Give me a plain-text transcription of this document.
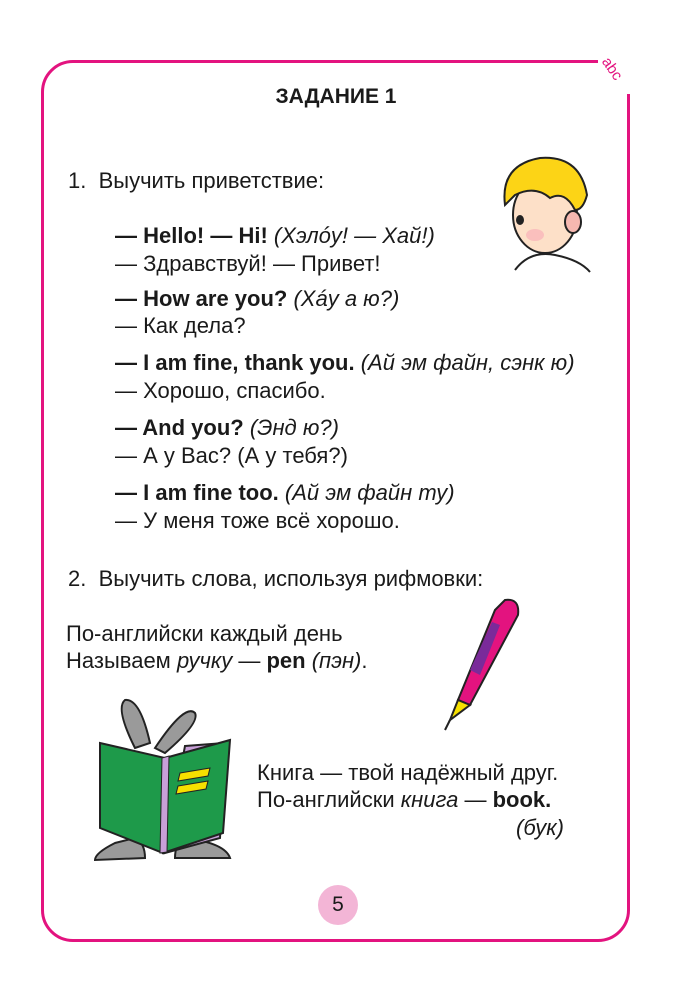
abc
ЗАДАНИЕ 1
1. Выучить приветствие:
— Hello! — Hi! (Хэлóу! — Хай!)
— Здравствуй! — Привет!
— How are you? (Хáу а ю?)
— Как дела?
— I am fine, thank you. (Ай эм файн, сэнк ю)
— Хорошо, спасибо.
— And you? (Энд ю?)
— А у Вас? (А у тебя?)
— I am fine too. (Ай эм файн ту)
— У меня тоже всё хорошо.
2. Выучить слова, используя рифмовки:
По-английски каждый день
Называем ручку — pen (пэн).
Книга — твой надёжный друг.
По-английски книга — book.
(бук)
5
